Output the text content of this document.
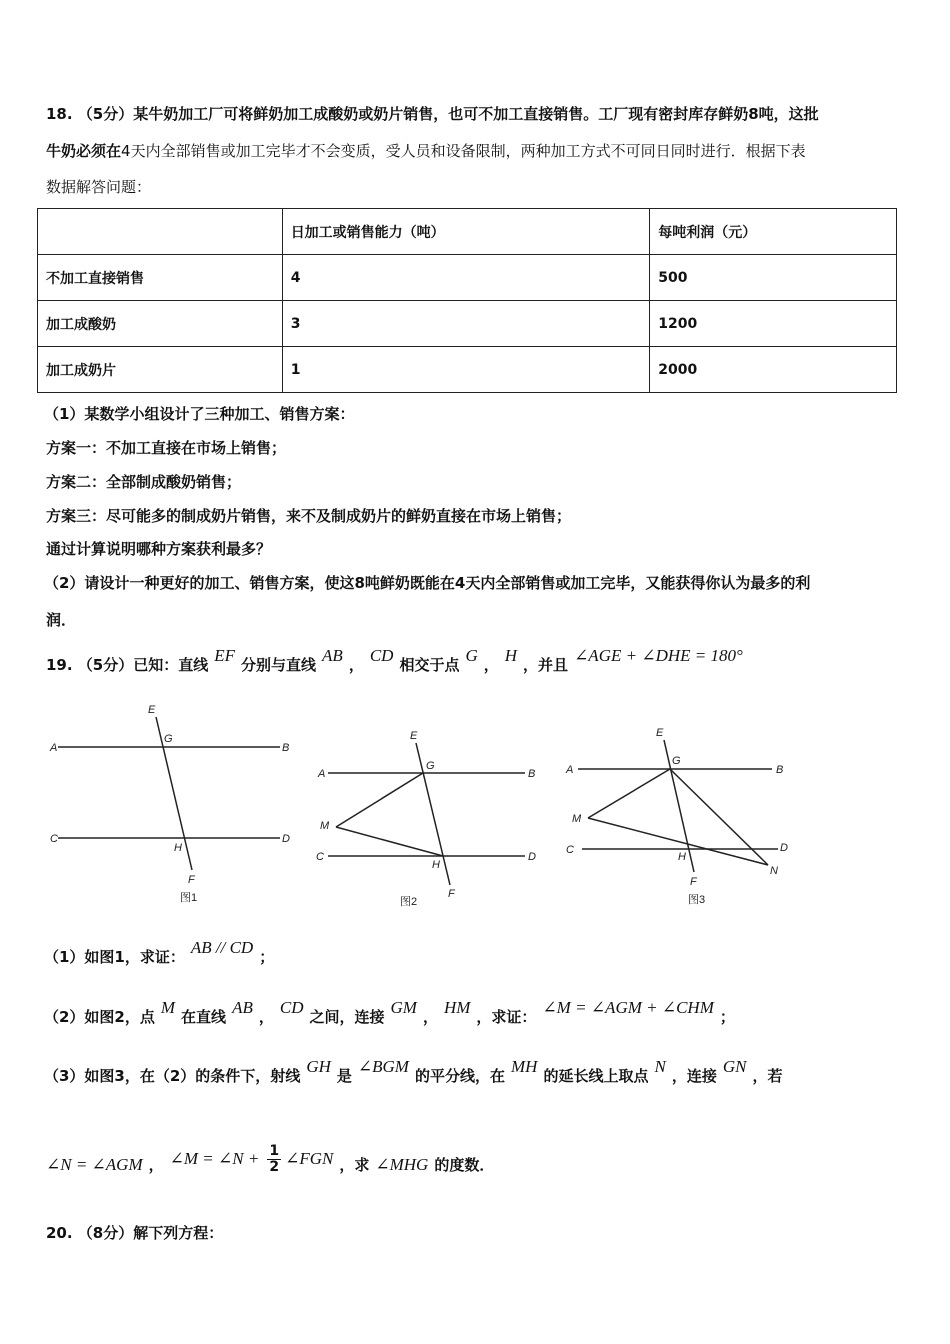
18. （5分）某牛奶加工厂可将鲜奶加工成酸奶或奶片销售，也可不加工直接销售。工厂现有密封库存鲜奶8吨，这批
牛奶必须在4天内全部销售或加工完毕才不会变质，受人员和设备限制，两种加工方式不可同日同时进行．根据下表
数据解答问题：
	日加工或销售能力（吨）	每吨利润（元）
不加工直接销售	4	500
加工成酸奶	3	1200
加工成奶片	1	2000
（1）某数学小组设计了三种加工、销售方案：
方案一：不加工直接在市场上销售；
方案二：全部制成酸奶销售；
方案三：尽可能多的制成奶片销售，来不及制成奶片的鲜奶直接在市场上销售；
通过计算说明哪种方案获利最多？
（2）请设计一种更好的加工、销售方案，使这8吨鲜奶既能在4天内全部销售或加工完毕，又能获得你认为最多的利
润．
19. （5分）已知：直线 EF 分别与直线 AB ， CD 相交于点 G ， H ，并且 ∠AGE + ∠DHE = 180°
A	B
C	D
E
F
G
H
图1
A	B
C	D
E
F
G
H
M
图2
A	B
C	D
E
F
G
H
M
N
图3
（1）如图1，求证： AB // CD ；
（2）如图2，点 M 在直线 AB ， CD 之间，连接 GM ， HM ，求证： ∠M = ∠AGM + ∠CHM ；
（3）如图3，在（2）的条件下，射线 GH 是 ∠BGM 的平分线，在 MH 的延长线上取点 N ，连接 GN ，若
∠N = ∠AGM ， ∠M = ∠N + $\frac{1}{2}$ ∠FGN ，求 ∠MHG 的度数．
20. （8分）解下列方程：
